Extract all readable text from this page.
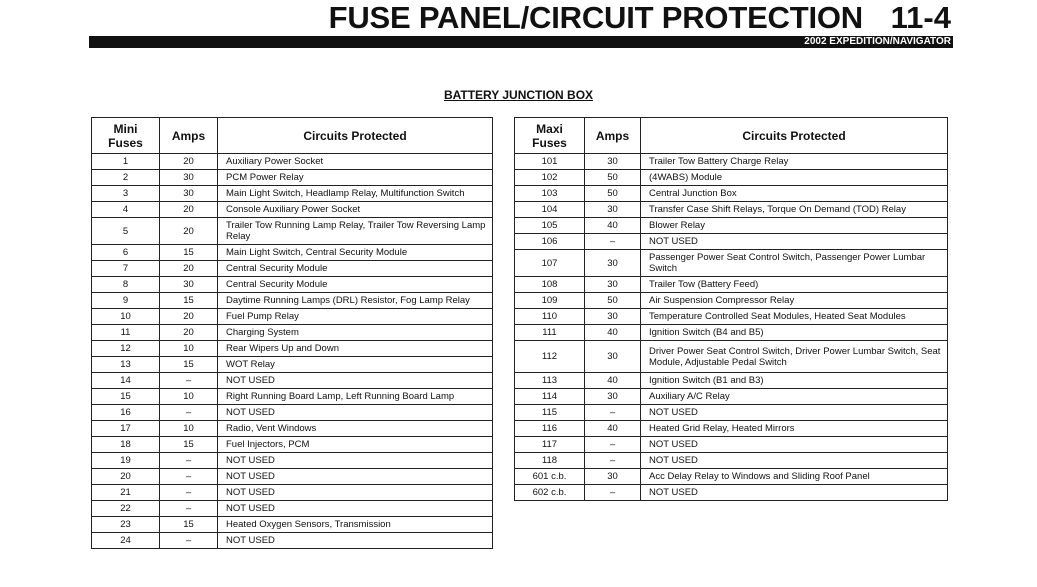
FUSE PANEL/CIRCUIT PROTECTION 11-4
2002 EXPEDITION/NAVIGATOR
BATTERY JUNCTION BOX
Mini
Fuses	Amps	Circuits Protected
1	20	Auxiliary Power Socket
2	30	PCM Power Relay
3	30	Main Light Switch, Headlamp Relay, Multifunction Switch
4	20	Console Auxiliary Power Socket
5	20	Trailer Tow Running Lamp Relay, Trailer Tow Reversing Lamp Relay
6	15	Main Light Switch, Central Security Module
7	20	Central Security Module
8	30	Central Security Module
9	15	Daytime Running Lamps (DRL) Resistor, Fog Lamp Relay
10	20	Fuel Pump Relay
11	20	Charging System
12	10	Rear Wipers Up and Down
13	15	WOT Relay
14	–	NOT USED
15	10	Right Running Board Lamp, Left Running Board Lamp
16	–	NOT USED
17	10	Radio, Vent Windows
18	15	Fuel Injectors, PCM
19	–	NOT USED
20	–	NOT USED
21	–	NOT USED
22	–	NOT USED
23	15	Heated Oxygen Sensors, Transmission
24	–	NOT USED
Maxi
Fuses	Amps	Circuits Protected
101	30	Trailer Tow Battery Charge Relay
102	50	(4WABS) Module
103	50	Central Junction Box
104	30	Transfer Case Shift Relays, Torque On Demand (TOD) Relay
105	40	Blower Relay
106	–	NOT USED
107	30	Passenger Power Seat Control Switch, Passenger Power Lumbar Switch
108	30	Trailer Tow (Battery Feed)
109	50	Air Suspension Compressor Relay
110	30	Temperature Controlled Seat Modules, Heated Seat Modules
111	40	Ignition Switch (B4 and B5)
112	30	Driver Power Seat Control Switch, Driver Power Lumbar Switch, Seat Module, Adjustable Pedal Switch
113	40	Ignition Switch (B1 and B3)
114	30	Auxiliary A/C Relay
115	–	NOT USED
116	40	Heated Grid Relay, Heated Mirrors
117	–	NOT USED
118	–	NOT USED
601 c.b.	30	Acc Delay Relay to Windows and Sliding Roof Panel
602 c.b.	–	NOT USED
